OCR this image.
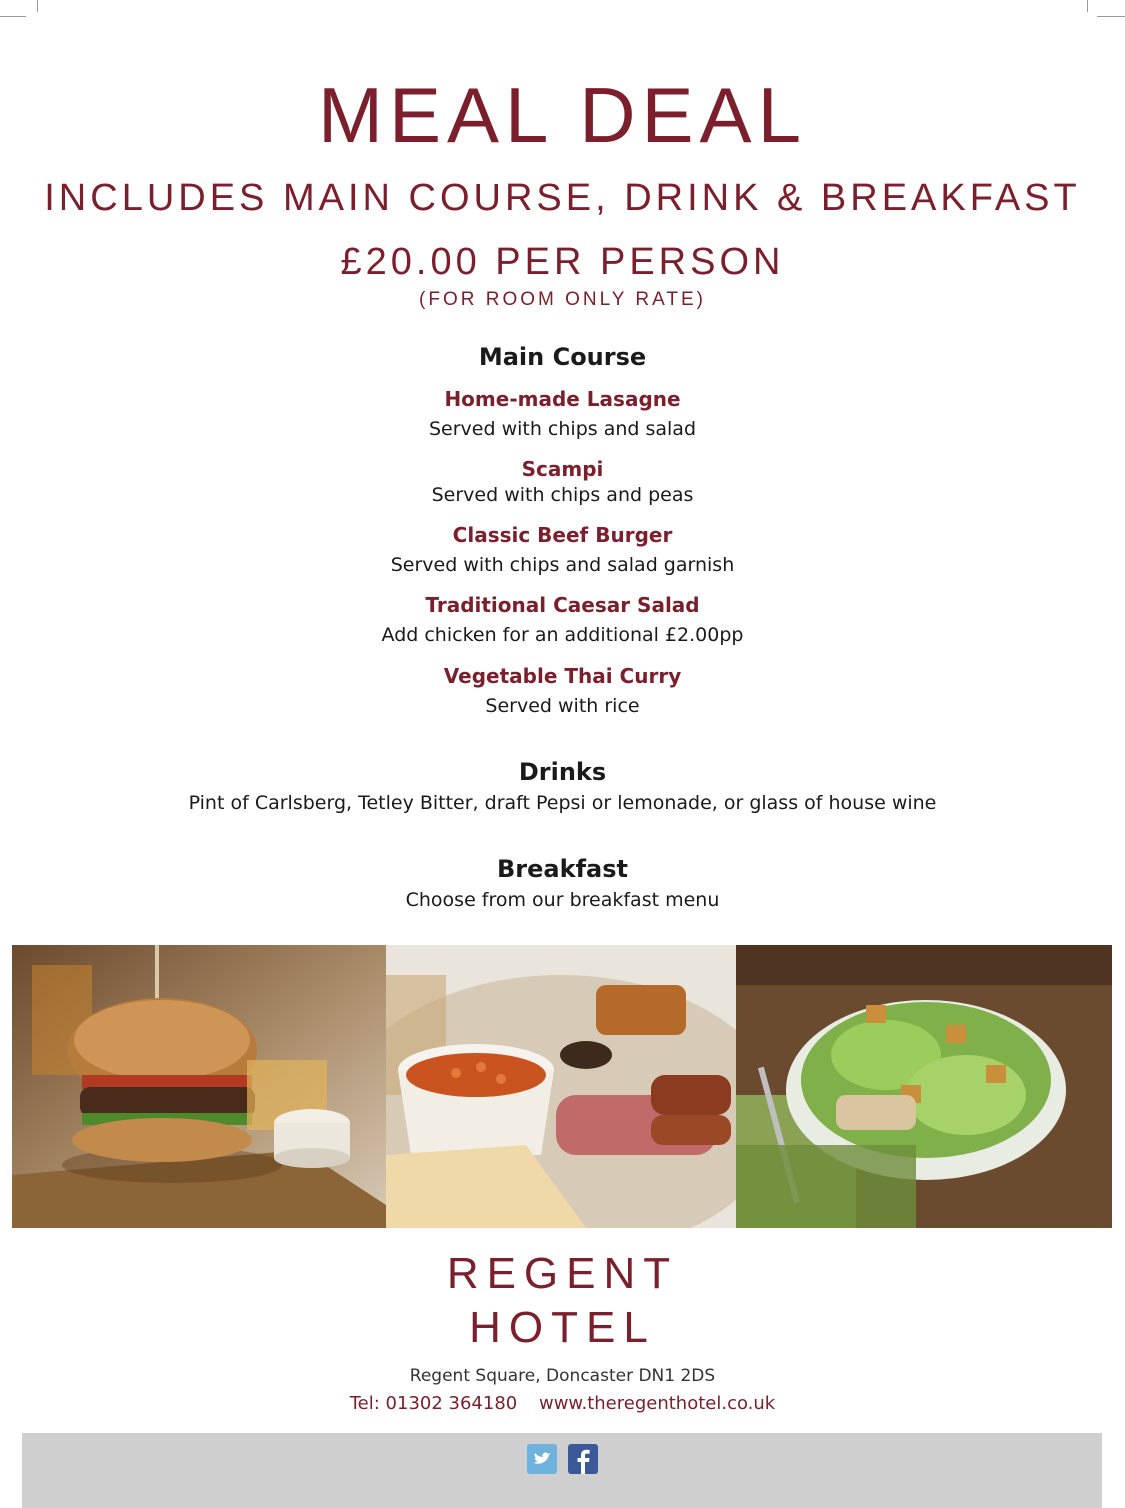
MEAL DEAL
INCLUDES MAIN COURSE, DRINK & BREAKFAST
£20.00 PER PERSON
(FOR ROOM ONLY RATE)
Main Course
Home-made Lasagne
Served with chips and salad
Scampi
Served with chips and peas
Classic Beef Burger
Served with chips and salad garnish
Traditional Caesar Salad
Add chicken for an additional £2.00pp
Vegetable Thai Curry
Served with rice
Drinks
Pint of Carlsberg, Tetley Bitter, draft Pepsi or lemonade, or glass of house wine
Breakfast
Choose from our breakfast menu
REGENT
HOTEL
Regent Square, Doncaster DN1 2DS
Tel: 01302 364180 www.theregenthotel.co.uk
